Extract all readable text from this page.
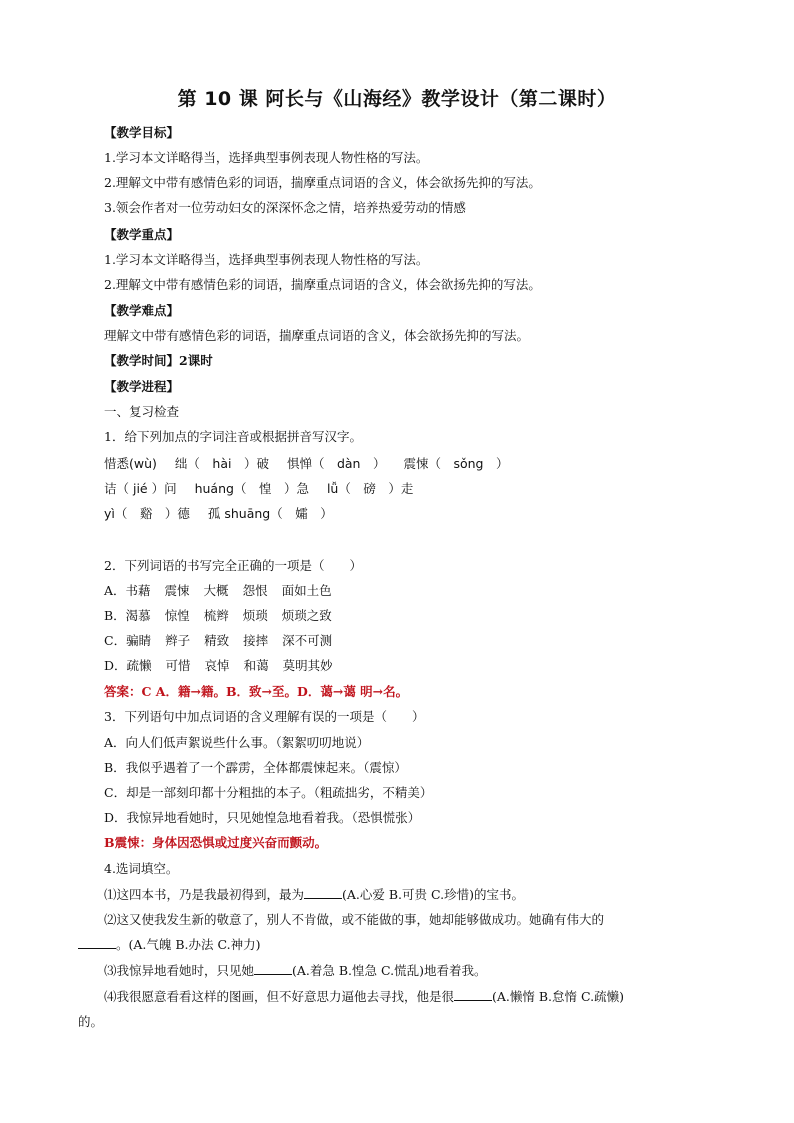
第 10 课 阿长与《山海经》教学设计（第二课时）
【教学目标】
1.学习本文详略得当，选择典型事例表现人物性格的写法。
2.理解文中带有感情色彩的词语，揣摩重点词语的含义，体会欲扬先抑的写法。
3.领会作者对一位劳动妇女的深深怀念之情，培养热爱劳动的情感
【教学重点】
1.学习本文详略得当，选择典型事例表现人物性格的写法。
2.理解文中带有感情色彩的词语，揣摩重点词语的含义，体会欲扬先抑的写法。
【教学难点】
理解文中带有感情色彩的词语，揣摩重点词语的含义，体会欲扬先抑的写法。
【教学时间】2课时
【教学进程】
一、复习检查
1．给下列加点的字词注音或根据拼音写汉字。
惜悉(wù) 绌（　hài　）破 惧惮（　dàn　） 震悚（　sǒng　）
诘（ jié ）问 huáng（　惶　）急 lǚ（　磅　）走
yì（　谿　）德 孤 shuāng（　孀　）
2．下列词语的书写完全正确的一项是（　　）
A．书藉 震悚 大概 怨恨 面如土色
B．渴慕 惊惶 梳辫 烦琐 烦琐之致
C．骗睛 辫子 精致 接摔 深不可测
D．疏懒 可惜 哀悼 和蔼 莫明其妙
答案：C A．籍→籍。B．致→至。D．蔼→蔼 明→名。
3．下列语句中加点词语的含义理解有误的一项是（　　）
A．向人们低声絮说些什么事。（絮絮叨叨地说）
B．我似乎遇着了一个霹雳，全体都震悚起来。（震惊）
C．却是一部刻印都十分粗拙的本子。（粗疏拙劣，不精美）
D．我惊异地看她时，只见她惶急地看着我。（恐惧慌张）
B震悚：身体因恐惧或过度兴奋而颤动。
4.选词填空。
⑴这四本书，乃是我最初得到，最为	(A.心爱 B.可贵 C.珍惜)的宝书。
⑵这又使我发生新的敬意了，别人不肯做，或不能做的事，她却能够做成功。她确有伟大的
。(A.气魄 B.办法 C.神力)
⑶我惊异地看她时，只见她	(A.着急 B.惶急 C.慌乱)地看着我。
⑷我很愿意看看这样的图画，但不好意思力逼他去寻找，他是很	(A.懒惰 B.怠惰 C.疏懒)
的。
